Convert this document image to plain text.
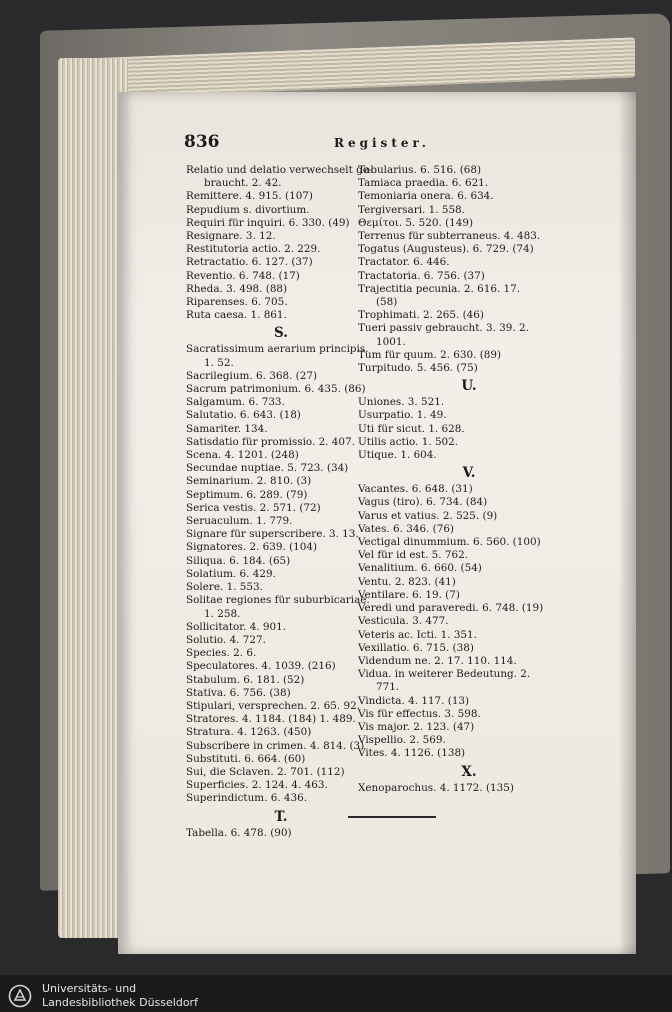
836	Register.
Relatio und delatio verwechselt ge-
braucht. 2. 42.
Remittere. 4. 915. (107)
Repudium s. divortium.
Requiri für inquiri. 6. 330. (49)
Resignare. 3. 12.
Restitutoria actio. 2. 229.
Retractatio. 6. 127. (37)
Reventio. 6. 748. (17)
Rheda. 3. 498. (88)
Riparenses. 6. 705.
Ruta caesa. 1. 861.
S.
Sacratissimum aerarium principis.
1. 52.
Sacrilegium. 6. 368. (27)
Sacrum patrimonium. 6. 435. (86)
Salgamum. 6. 733.
Salutatio. 6. 643. (18)
Samariter. 134.
Satisdatio für promissio. 2. 407.
Scena. 4. 1201. (248)
Secundae nuptiae. 5. 723. (34)
Seminarium. 2. 810. (3)
Septimum. 6. 289. (79)
Serica vestis. 2. 571. (72)
Seruaculum. 1. 779.
Signare für superscribere. 3. 13.
Signatores. 2. 639. (104)
Siliqua. 6. 184. (65)
Solatium. 6. 429.
Solere. 1. 553.
Solitae regiones für suburbicariae.
1. 258.
Sollicitator. 4. 901.
Solutio. 4. 727.
Species. 2. 6.
Speculatores. 4. 1039. (216)
Stabulum. 6. 181. (52)
Stativa. 6. 756. (38)
Stipulari, versprechen. 2. 65. 92.
Stratores. 4. 1184. (184) 1. 489.
Stratura. 4. 1263. (450)
Subscribere in crimen. 4. 814. (3)
Substituti. 6. 664. (60)
Sui, die Sclaven. 2. 701. (112)
Superficies. 2. 124. 4. 463.
Superindictum. 6. 436.
T.
Tabella. 6. 478. (90)
Tabularius. 6. 516. (68)
Tamiaca praedia. 6. 621.
Temoniaria onera. 6. 634.
Tergiversari. 1. 558.
Θεμίτοι. 5. 520. (149)
Terrenus für subterraneus. 4. 483.
Togatus (Augusteus). 6. 729. (74)
Tractator. 6. 446.
Tractatoria. 6. 756. (37)
Trajectitia pecunia. 2. 616. 17.
(58)
Trophimati. 2. 265. (46)
Tueri passiv gebraucht. 3. 39. 2.
1001.
Tum für quum. 2. 630. (89)
Turpitudo. 5. 456. (75)
U.
Uniones. 3. 521.
Usurpatio. 1. 49.
Uti für sicut. 1. 628.
Utilis actio. 1. 502.
Utique. 1. 604.
V.
Vacantes. 6. 648. (31)
Vagus (tiro). 6. 734. (84)
Varus et vatius. 2. 525. (9)
Vates. 6. 346. (76)
Vectigal dinummium. 6. 560. (100)
Vel für id est. 5. 762.
Venalitium. 6. 660. (54)
Ventu. 2. 823. (41)
Ventilare. 6. 19. (7)
Veredi und paraveredi. 6. 748. (19)
Vesticula. 3. 477.
Veteris ac. Icti. 1. 351.
Vexillatio. 6. 715. (38)
Videndum ne. 2. 17. 110. 114.
Vidua. in weiterer Bedeutung. 2.
771.
Vindicta. 4. 117. (13)
Vis für effectus. 3. 598.
Vis major. 2. 123. (47)
Vispellio. 2. 569.
Vites. 4. 1126. (138)
X.
Xenoparochus. 4. 1172. (135)
Universitäts- und
Landesbibliothek Düsseldorf
